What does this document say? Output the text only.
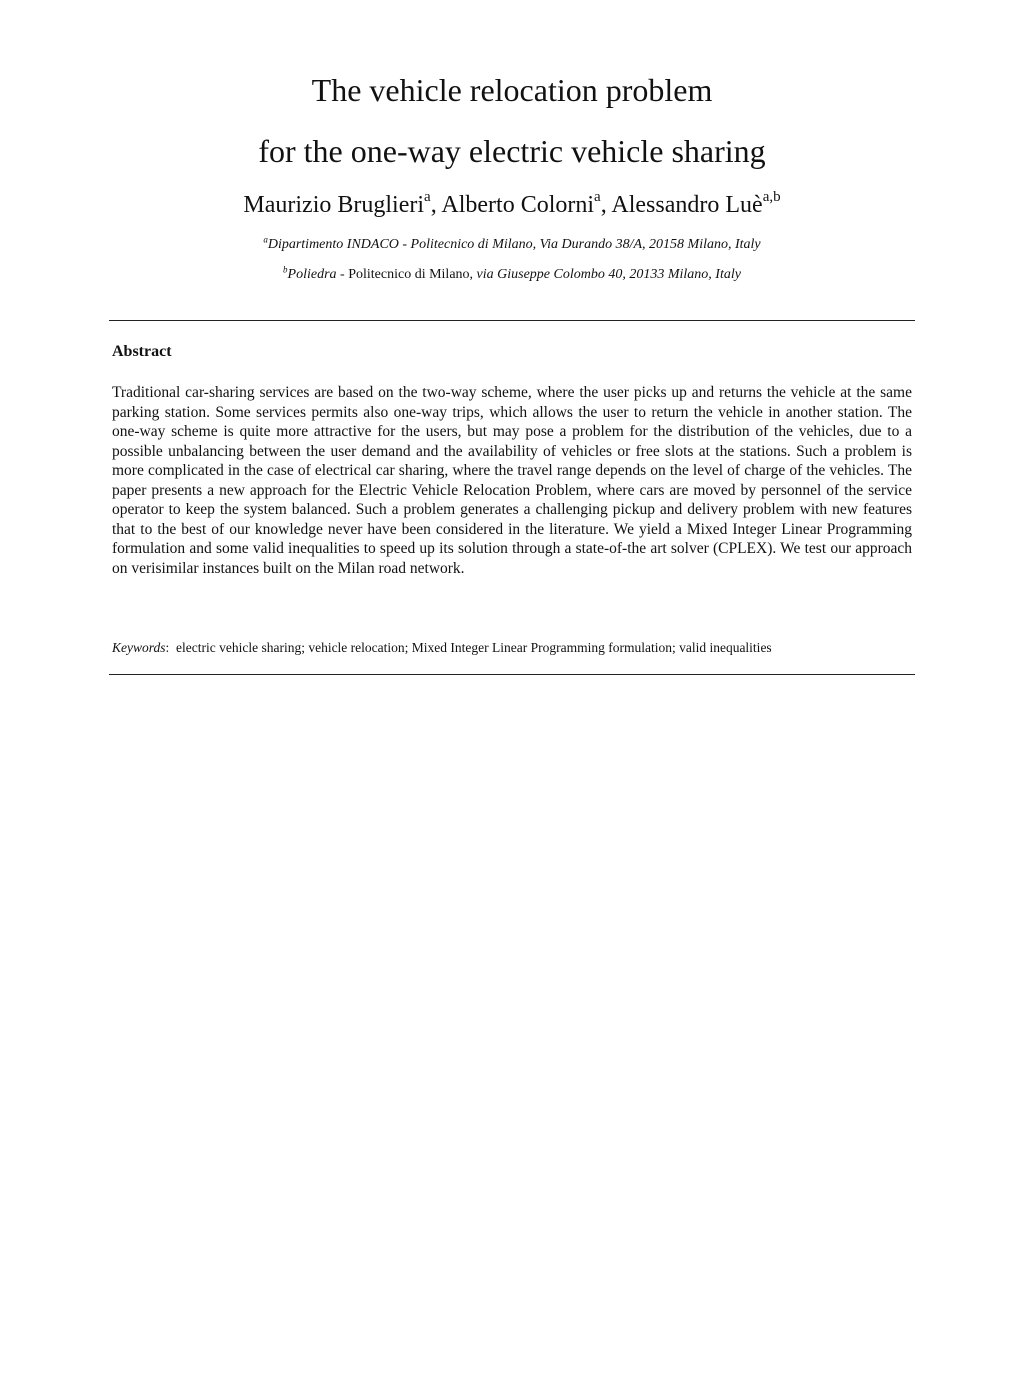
The vehicle relocation problem
for the one-way electric vehicle sharing
Maurizio Bruglieri$^a$, Alberto Colorni$^a$, Alessandro Luè$^{a,b}$
$^a$Dipartimento INDACO - Politecnico di Milano, Via Durando 38/A, 20158 Milano, Italy
$^b$Poliedra - Politecnico di Milano, via Giuseppe Colombo 40, 20133 Milano, Italy
Abstract
Traditional car-sharing services are based on the two-way scheme, where the user picks up and returns the vehicle at the same parking station. Some services permits also one-way trips, which allows the user to return the vehicle in another station. The one-way scheme is quite more attractive for the users, but may pose a problem for the distribution of the vehicles, due to a possible unbalancing between the user demand and the availability of vehicles or free slots at the stations. Such a problem is more complicated in the case of electrical car sharing, where the travel range depends on the level of charge of the vehicles. The paper presents a new approach for the Electric Vehicle Relocation Problem, where cars are moved by personnel of the service operator to keep the system balanced. Such a problem generates a challenging pickup and delivery problem with new features that to the best of our knowledge never have been considered in the literature. We yield a Mixed Integer Linear Programming formulation and some valid inequalities to speed up its solution through a state-of-the art solver (CPLEX). We test our approach on verisimilar instances built on the Milan road network.
Keywords:  electric vehicle sharing; vehicle relocation; Mixed Integer Linear Programming formulation; valid inequalities
